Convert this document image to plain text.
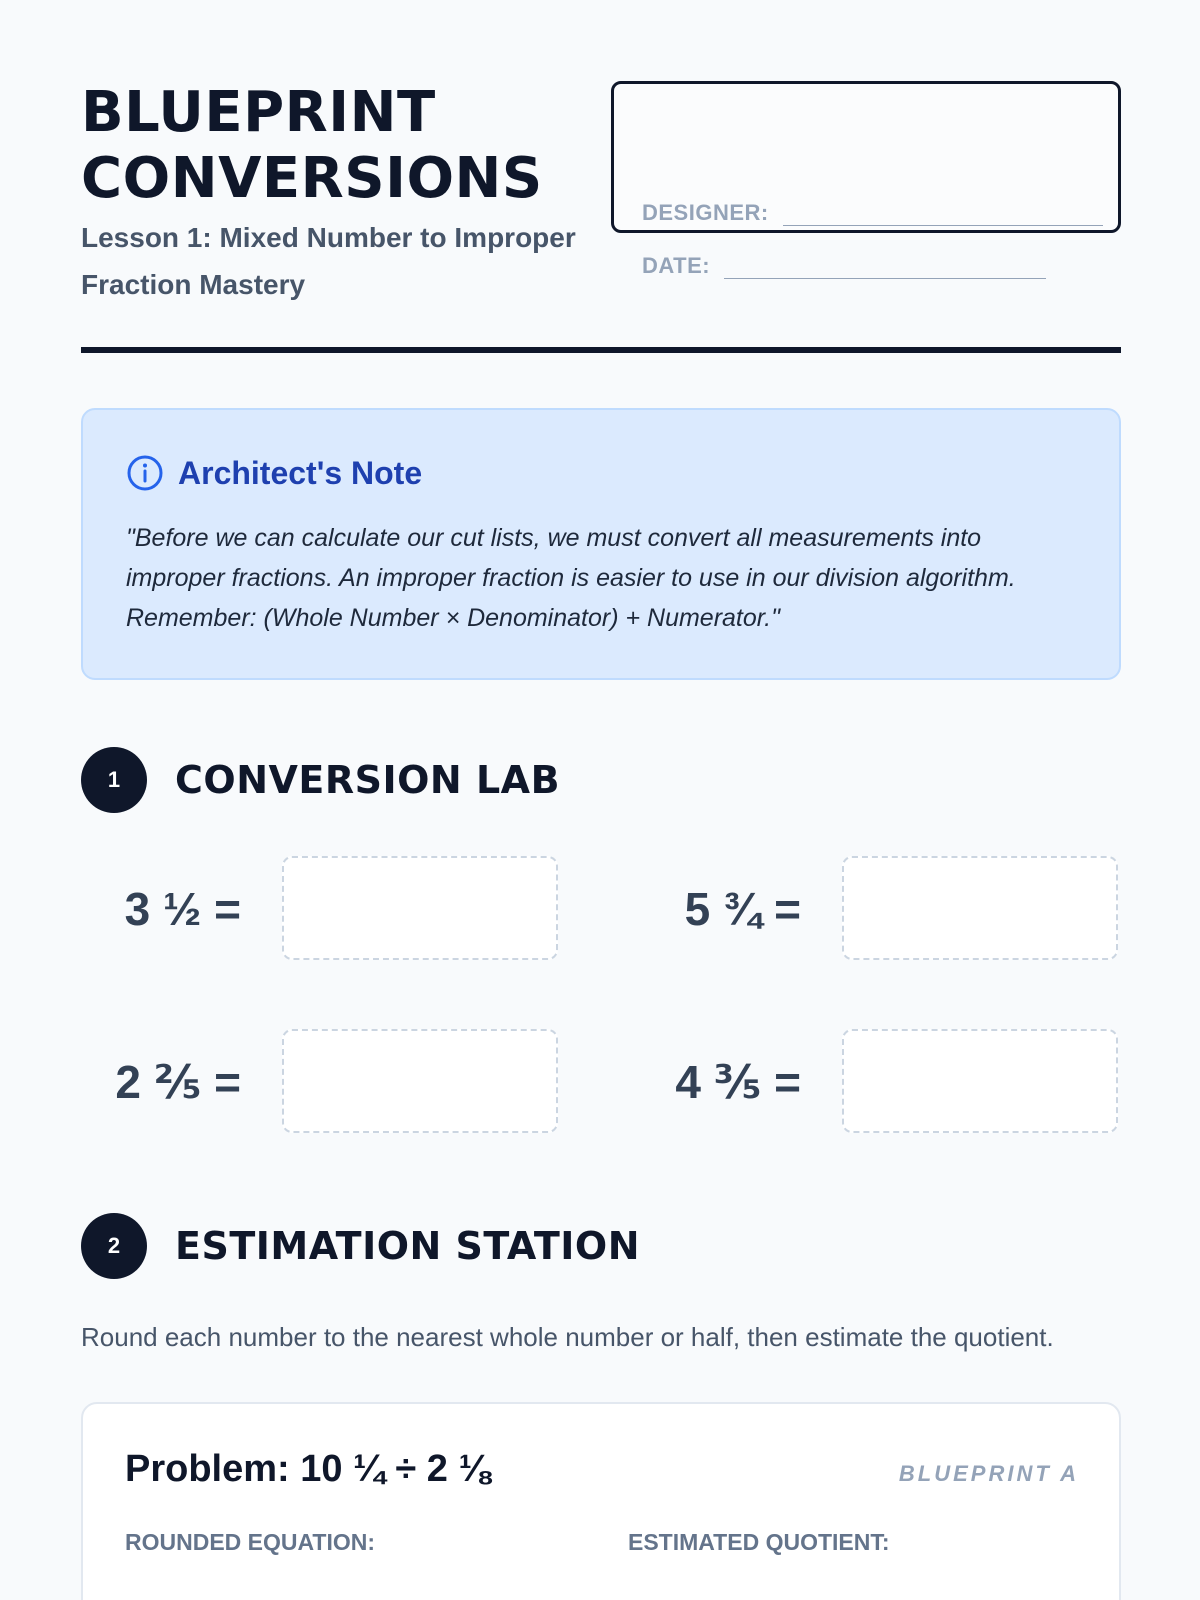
BLUEPRINT
CONVERSIONS
Lesson 1: Mixed Number to Improper Fraction Mastery
DESIGNER:
DATE:
Architect's Note
"Before we can calculate our cut lists, we must convert all measurements into improper fractions. An improper fraction is easier to use in our division algorithm. Remember: (Whole Number × Denominator) + Numerator."
1	CONVERSION LAB
3 ½ =	5 ¾ =
2 ⅖ =	4 ⅗ =
2	ESTIMATION STATION
Round each number to the nearest whole number or half, then estimate the quotient.
Problem: 10 ¼ ÷ 2 ⅛	BLUEPRINT A
ROUNDED EQUATION:	ESTIMATED QUOTIENT:
